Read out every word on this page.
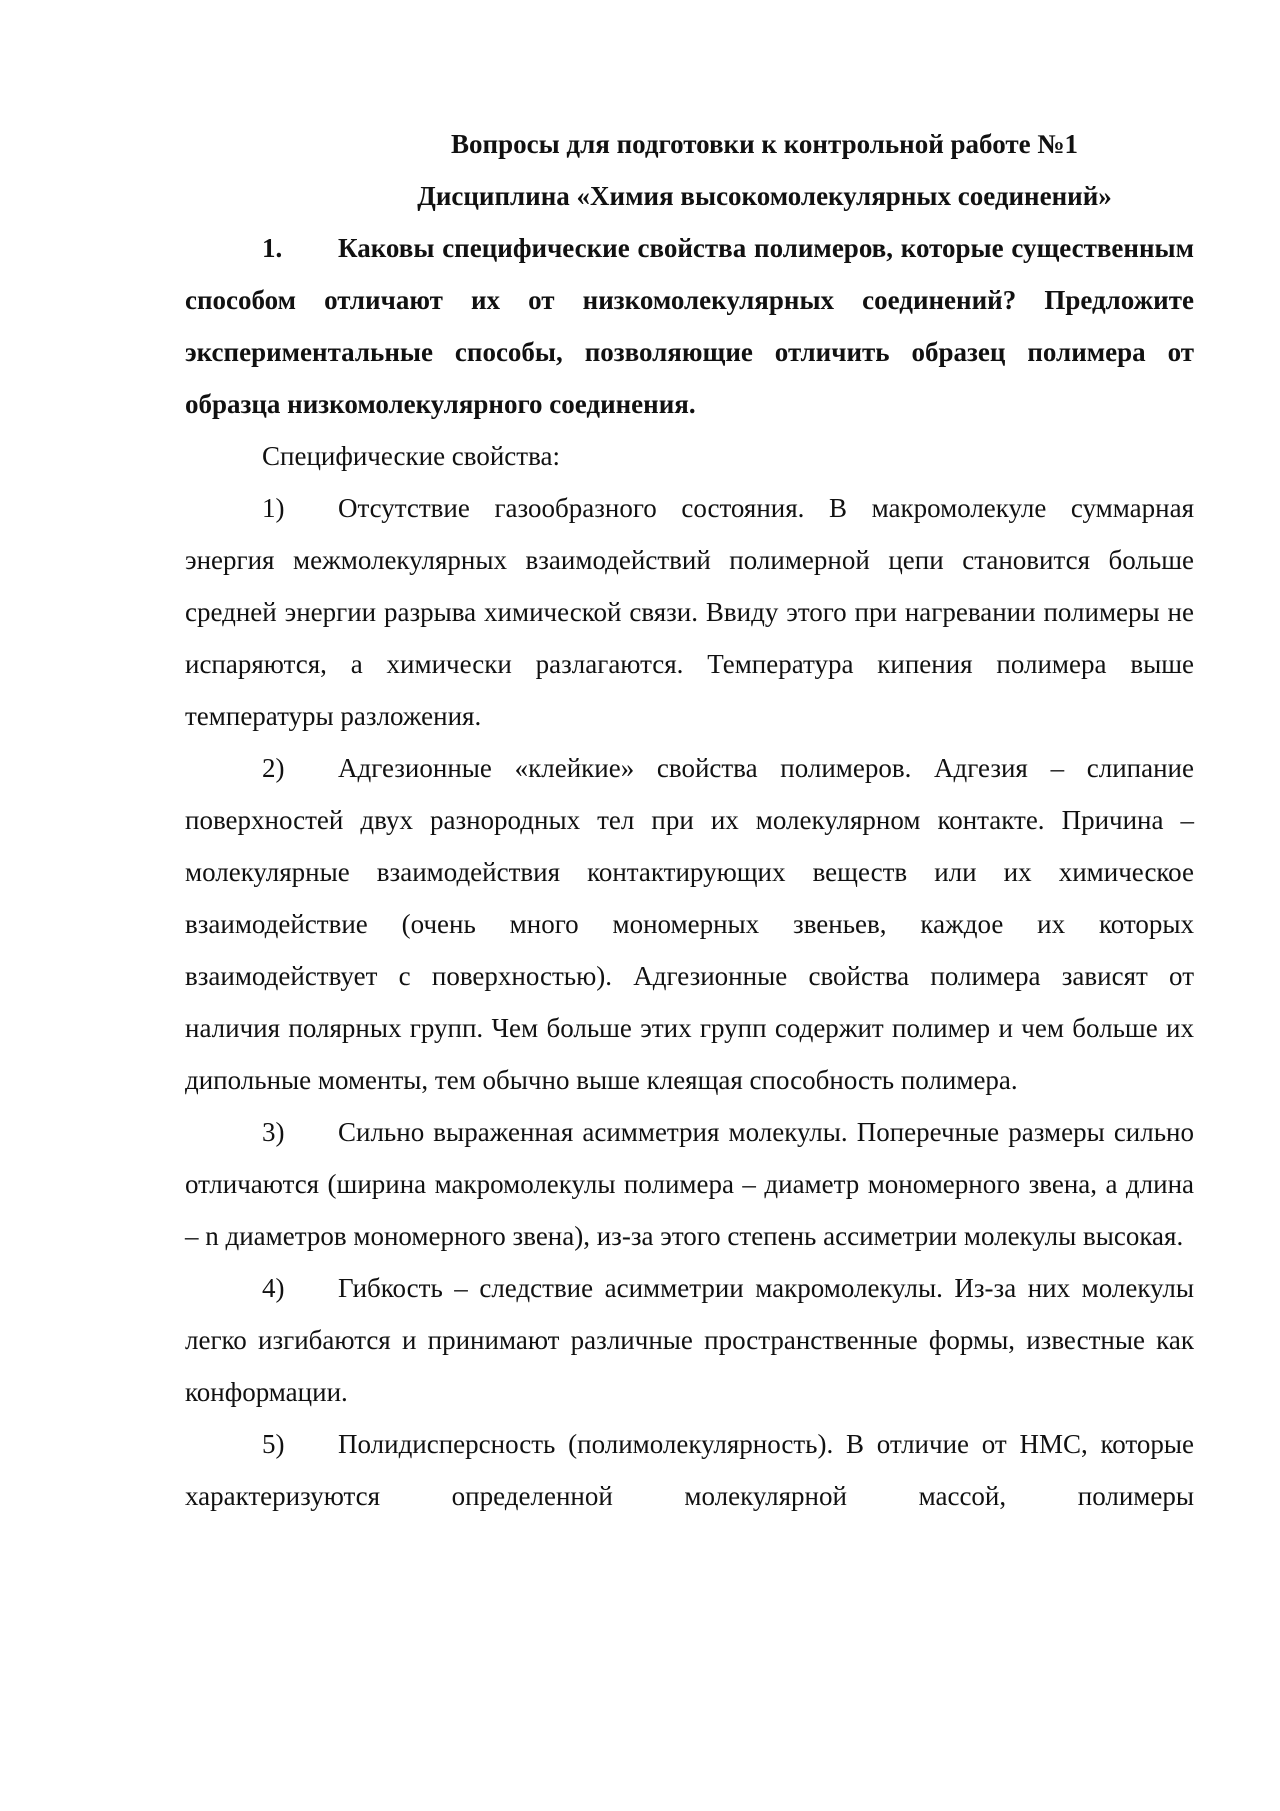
Вопросы для подготовки к контрольной работе №1

Дисциплина «Химия высокомолекулярных соединений»

1. Каковы специфические свойства полимеров, которые существенным способом отличают их от низкомолекулярных соединений? Предложите экспериментальные способы, позволяющие отличить образец полимера от образца низкомолекулярного соединения.

Специфические свойства:

1) Отсутствие газообразного состояния. В макромолекуле суммарная энергия межмолекулярных взаимодействий полимерной цепи становится больше средней энергии разрыва химической связи. Ввиду этого при нагревании полимеры не испаряются, а химически разлагаются. Температура кипения полимера выше температуры разложения.

2) Адгезионные «клейкие» свойства полимеров. Адгезия – слипание поверхностей двух разнородных тел при их молекулярном контакте. Причина – молекулярные взаимодействия контактирующих веществ или их химическое взаимодействие (очень много мономерных звеньев, каждое их которых взаимодействует с поверхностью). Адгезионные свойства полимера зависят от наличия полярных групп. Чем больше этих групп содержит полимер и чем больше их дипольные моменты, тем обычно выше клеящая способность полимера.

3) Сильно выраженная асимметрия молекулы. Поперечные размеры сильно отличаются (ширина макромолекулы полимера – диаметр мономерного звена, а длина – n диаметров мономерного звена), из-за этого степень ассиметрии молекулы высокая.

4) Гибкость – следствие асимметрии макромолекулы. Из-за них молекулы легко изгибаются и принимают различные пространственные формы, известные как конформации.

5) Полидисперсность (полимолекулярность). В отличие от НМС, которые характеризуются определенной молекулярной массой, полимеры
